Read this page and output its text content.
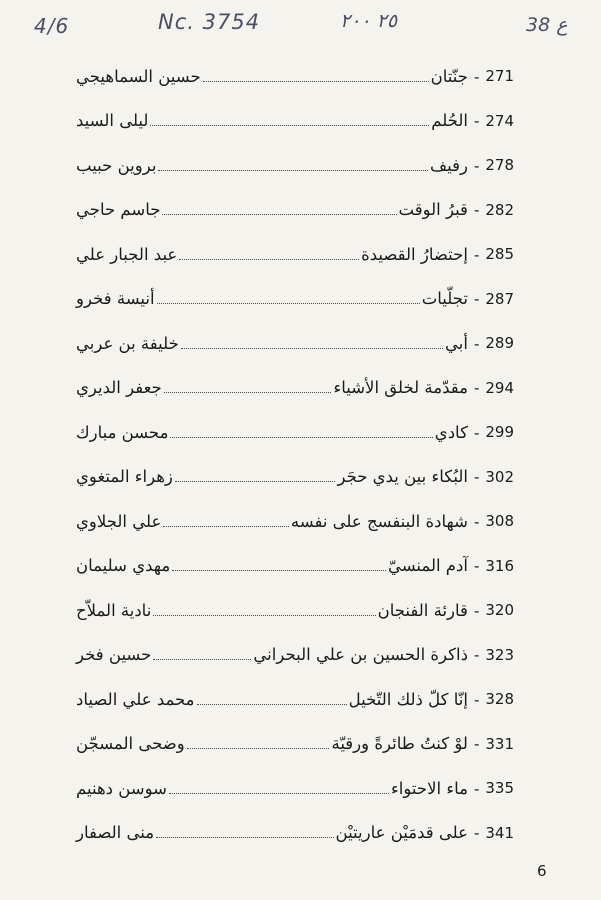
4/6	Nc. 3754	٢٥ ٢٠٠	38 ع
حسين السماهيجي	جنّتان - 271
ليلى السيد	الحُلم - 274
بروين حبيب	رفيف - 278
جاسم حاجي	قبرُ الوقت - 282
عبد الجبار علي	إحتضارُ القصيدة - 285
أنيسة فخرو	تجلّيات - 287
خليفة بن عربي	أبي - 289
جعفر الديري	مقدّمة لخلق الأشياء - 294
محسن مبارك	كادي - 299
زهراء المتغوي	البُكاء بين يدي حجَر - 302
علي الجلاوي	شهادة البنفسج على نفسه - 308
مهدي سليمان	آدم المنسيّ - 316
نادية الملاّح	قارئة الفنجان - 320
حسين فخر	ذاكرة الحسين بن علي البحراني - 323
محمد علي الصياد	إنّا كلّ ذلك التّخيل - 328
وضحى المسجّن	لوْ كنتُ طائرةً ورقيّة - 331
سوسن دهنيم	ماء الاحتواء - 335
منى الصفار	على قدمَيْن عاريتيْن - 341
6
